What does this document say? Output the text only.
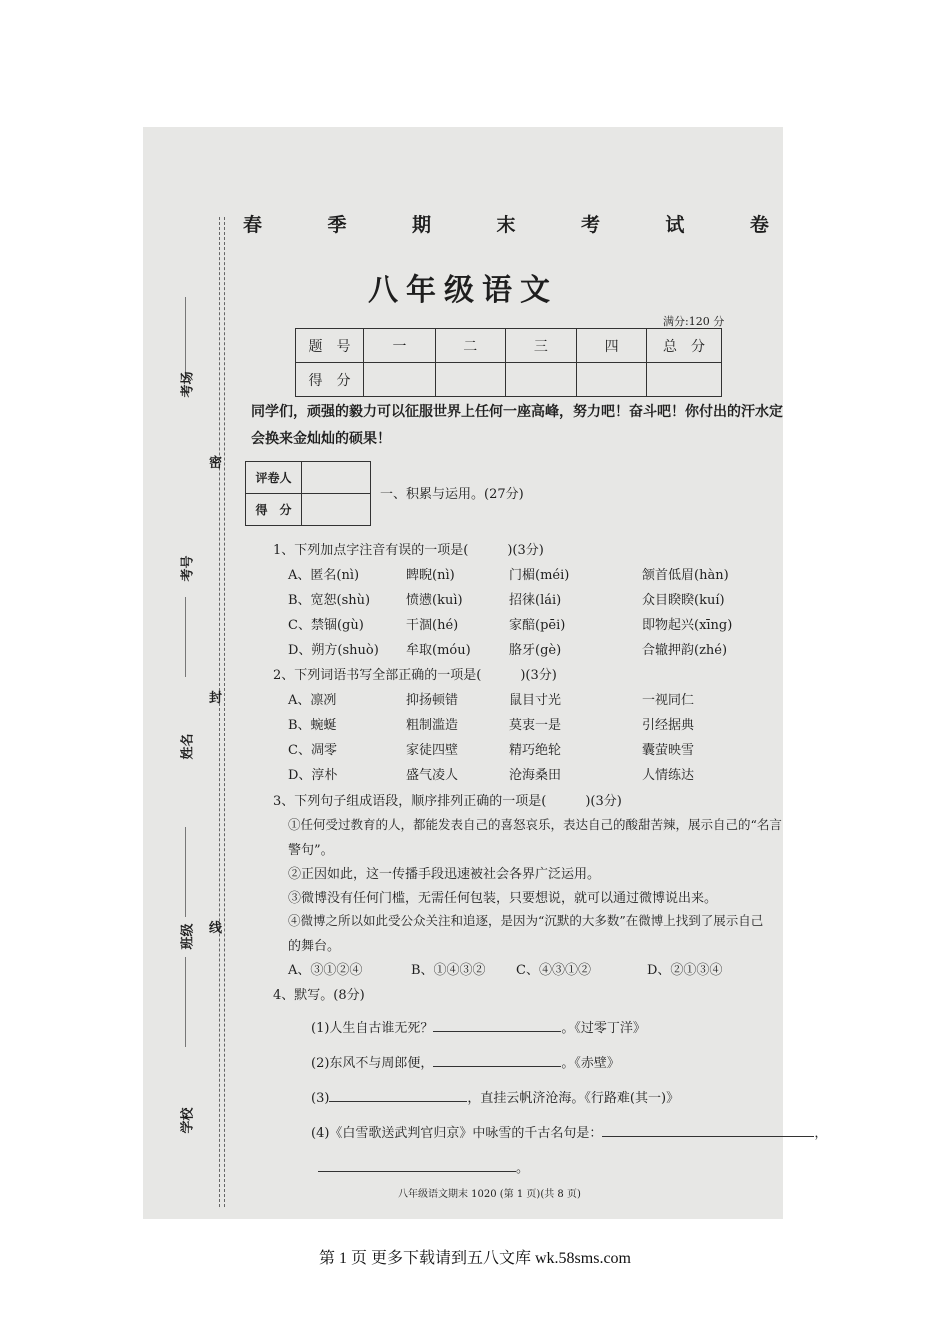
考场
考号
姓名
班级
学校
密
封
线
春	季	期	末	考	试	卷
八年级语文
满分:120 分
题　号	一	二	三	四	总　分
得　分					
同学们，顽强的毅力可以征服世界上任何一座高峰，努力吧！奋斗吧！你付出的汗水定会换来金灿灿的硕果！
评卷人	
得　分	
一、积累与运用。(27分)
1、下列加点字注音有误的一项是(　　　)(3分)
A、匿名(nì)	睥睨(nì)	门楣(méi)	颔首低眉(hàn)
B、宽恕(shù)	愤懑(kuì)	招徕(lái)	众目睽睽(kuí)
C、禁锢(gù)	干涸(hé)	家醅(pēi)	即物起兴(xīng)
D、朔方(shuò) 牟取(móu)	胳牙(gè)	合辙押韵(zhé)
2、下列词语书写全部正确的一项是(　　　)(3分)
A、凛冽	抑扬顿错	鼠目寸光	一视同仁
B、蜿蜒	粗制滥造	莫衷一是	引经据典
C、凋零	家徒四壁	精巧绝轮	囊萤映雪
D、淳朴	盛气凌人	沧海桑田	人情练达
3、下列句子组成语段，顺序排列正确的一项是(　　　)(3分)
①任何受过教育的人，都能发表自己的喜怒哀乐，表达自己的酸甜苦辣，展示自己的“名言
警句”。
②正因如此，这一传播手段迅速被社会各界广泛运用。
③微博没有任何门槛，无需任何包装，只要想说，就可以通过微博说出来。
④微博之所以如此受公众关注和追逐，是因为“沉默的大多数”在微博上找到了展示自己
的舞台。
A、③①②④	B、①④③② C、④③①②	D、②①③④
4、默写。(8分)
(1)人生自古谁无死？	。《过零丁洋》
(2)东风不与周郎便，	。《赤壁》
(3)	，直挂云帆济沧海。《行路难(其一)》
(4)《白雪歌送武判官归京》中咏雪的千古名句是：	，
。
八年级语文期末 1020 (第 1 页)(共 8 页)
第 1 页 更多下载请到五八文库 wk.58sms.com
